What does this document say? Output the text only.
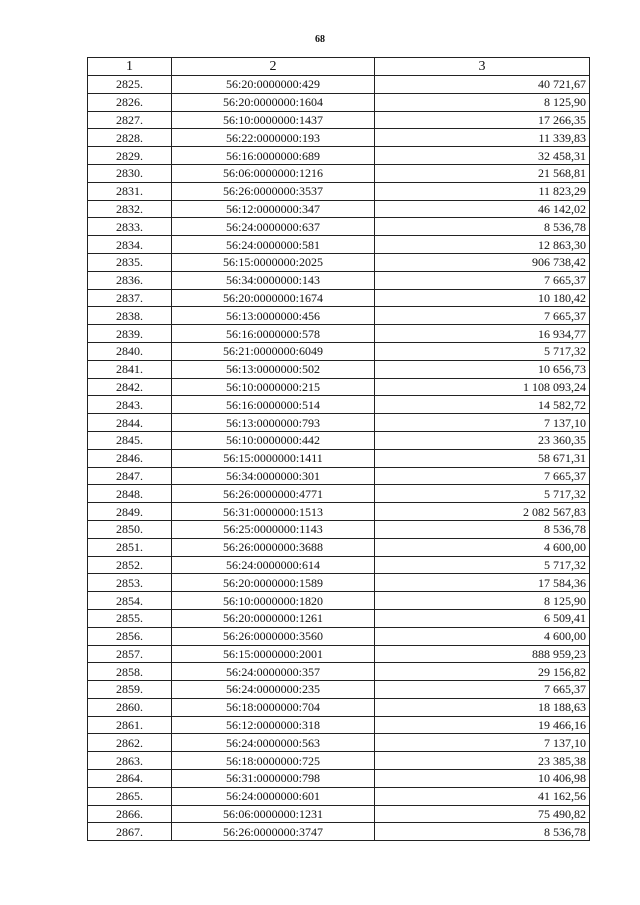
68
1	2	3
2825.	56:20:0000000:429	40 721,67
2826.	56:20:0000000:1604	8 125,90
2827.	56:10:0000000:1437	17 266,35
2828.	56:22:0000000:193	11 339,83
2829.	56:16:0000000:689	32 458,31
2830.	56:06:0000000:1216	21 568,81
2831.	56:26:0000000:3537	11 823,29
2832.	56:12:0000000:347	46 142,02
2833.	56:24:0000000:637	8 536,78
2834.	56:24:0000000:581	12 863,30
2835.	56:15:0000000:2025	906 738,42
2836.	56:34:0000000:143	7 665,37
2837.	56:20:0000000:1674	10 180,42
2838.	56:13:0000000:456	7 665,37
2839.	56:16:0000000:578	16 934,77
2840.	56:21:0000000:6049	5 717,32
2841.	56:13:0000000:502	10 656,73
2842.	56:10:0000000:215	1 108 093,24
2843.	56:16:0000000:514	14 582,72
2844.	56:13:0000000:793	7 137,10
2845.	56:10:0000000:442	23 360,35
2846.	56:15:0000000:1411	58 671,31
2847.	56:34:0000000:301	7 665,37
2848.	56:26:0000000:4771	5 717,32
2849.	56:31:0000000:1513	2 082 567,83
2850.	56:25:0000000:1143	8 536,78
2851.	56:26:0000000:3688	4 600,00
2852.	56:24:0000000:614	5 717,32
2853.	56:20:0000000:1589	17 584,36
2854.	56:10:0000000:1820	8 125,90
2855.	56:20:0000000:1261	6 509,41
2856.	56:26:0000000:3560	4 600,00
2857.	56:15:0000000:2001	888 959,23
2858.	56:24:0000000:357	29 156,82
2859.	56:24:0000000:235	7 665,37
2860.	56:18:0000000:704	18 188,63
2861.	56:12:0000000:318	19 466,16
2862.	56:24:0000000:563	7 137,10
2863.	56:18:0000000:725	23 385,38
2864.	56:31:0000000:798	10 406,98
2865.	56:24:0000000:601	41 162,56
2866.	56:06:0000000:1231	75 490,82
2867.	56:26:0000000:3747	8 536,78
